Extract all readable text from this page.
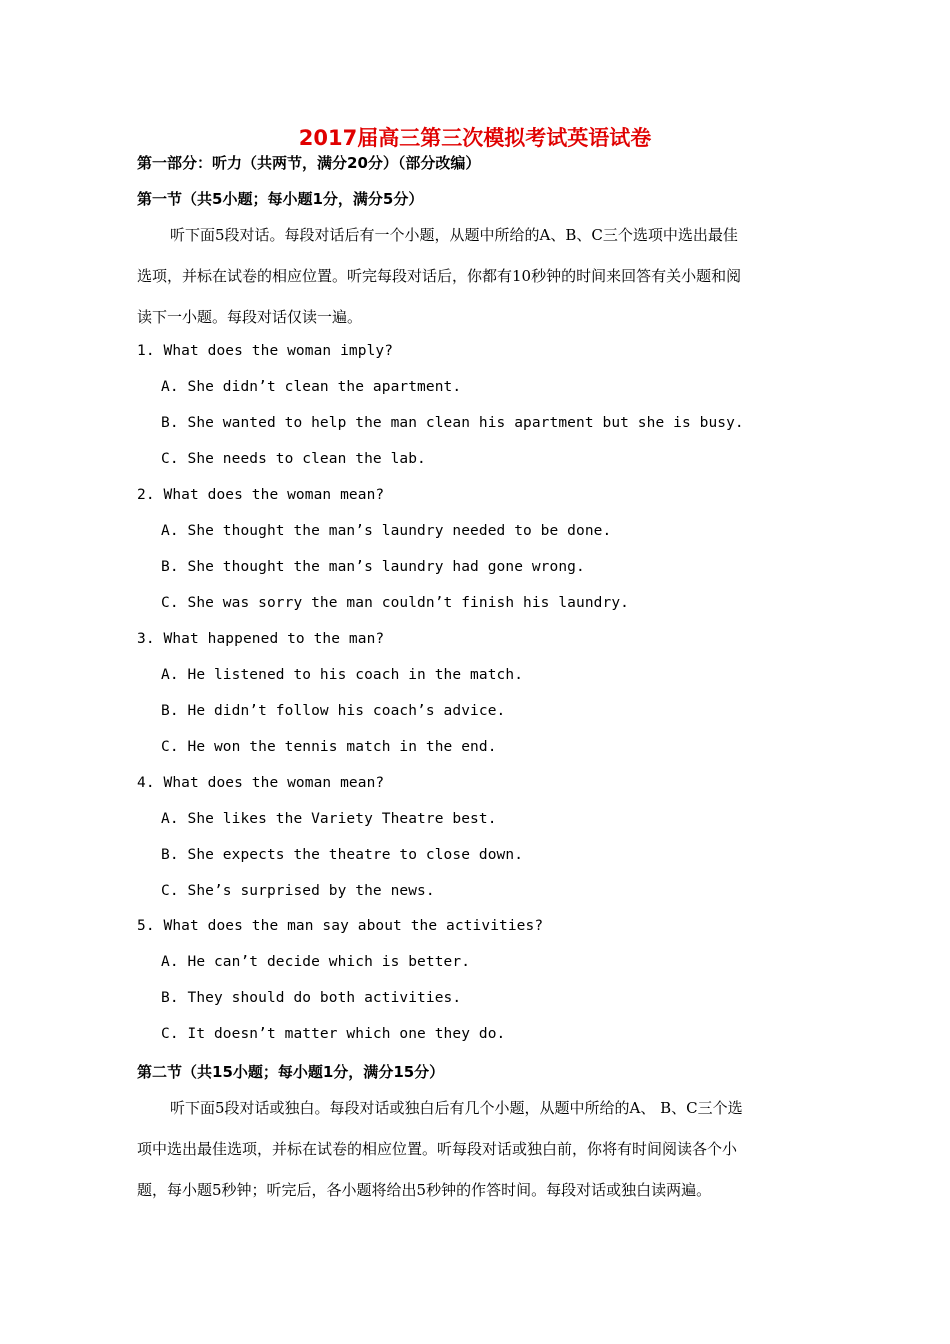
2017届高三第三次模拟考试英语试卷
第一部分：听力（共两节，满分20分）（部分改编）
第一节（共5小题；每小题1分，满分5分）
听下面5段对话。每段对话后有一个小题，从题中所给的A、B、C三个选项中选出最佳
选项，并标在试卷的相应位置。听完每段对话后，你都有10秒钟的时间来回答有关小题和阅
读下一小题。每段对话仅读一遍。
1. What does the woman imply?
A. She didn’t clean the apartment.
B. She wanted to help the man clean his apartment but she is busy.
C. She needs to clean the lab.
2. What does the woman mean?
A. She thought the man’s laundry needed to be done.
B. She thought the man’s laundry had gone wrong.
C. She was sorry the man couldn’t finish his laundry.
3. What happened to the man?
A. He listened to his coach in the match.
B. He didn’t follow his coach’s advice.
C. He won the tennis match in the end.
4. What does the woman mean?
A. She likes the Variety Theatre best.
B. She expects the theatre to close down.
C. She’s surprised by the news.
5. What does the man say about the activities?
A. He can’t decide which is better.
B. They should do both activities.
C. It doesn’t matter which one they do.
第二节（共15小题；每小题1分，满分15分）
听下面5段对话或独白。每段对话或独白后有几个小题，从题中所给的A、 B、C三个选
项中选出最佳选项，并标在试卷的相应位置。听每段对话或独白前，你将有时间阅读各个小
题，每小题5秒钟；听完后，各小题将给出5秒钟的作答时间。每段对话或独白读两遍。
